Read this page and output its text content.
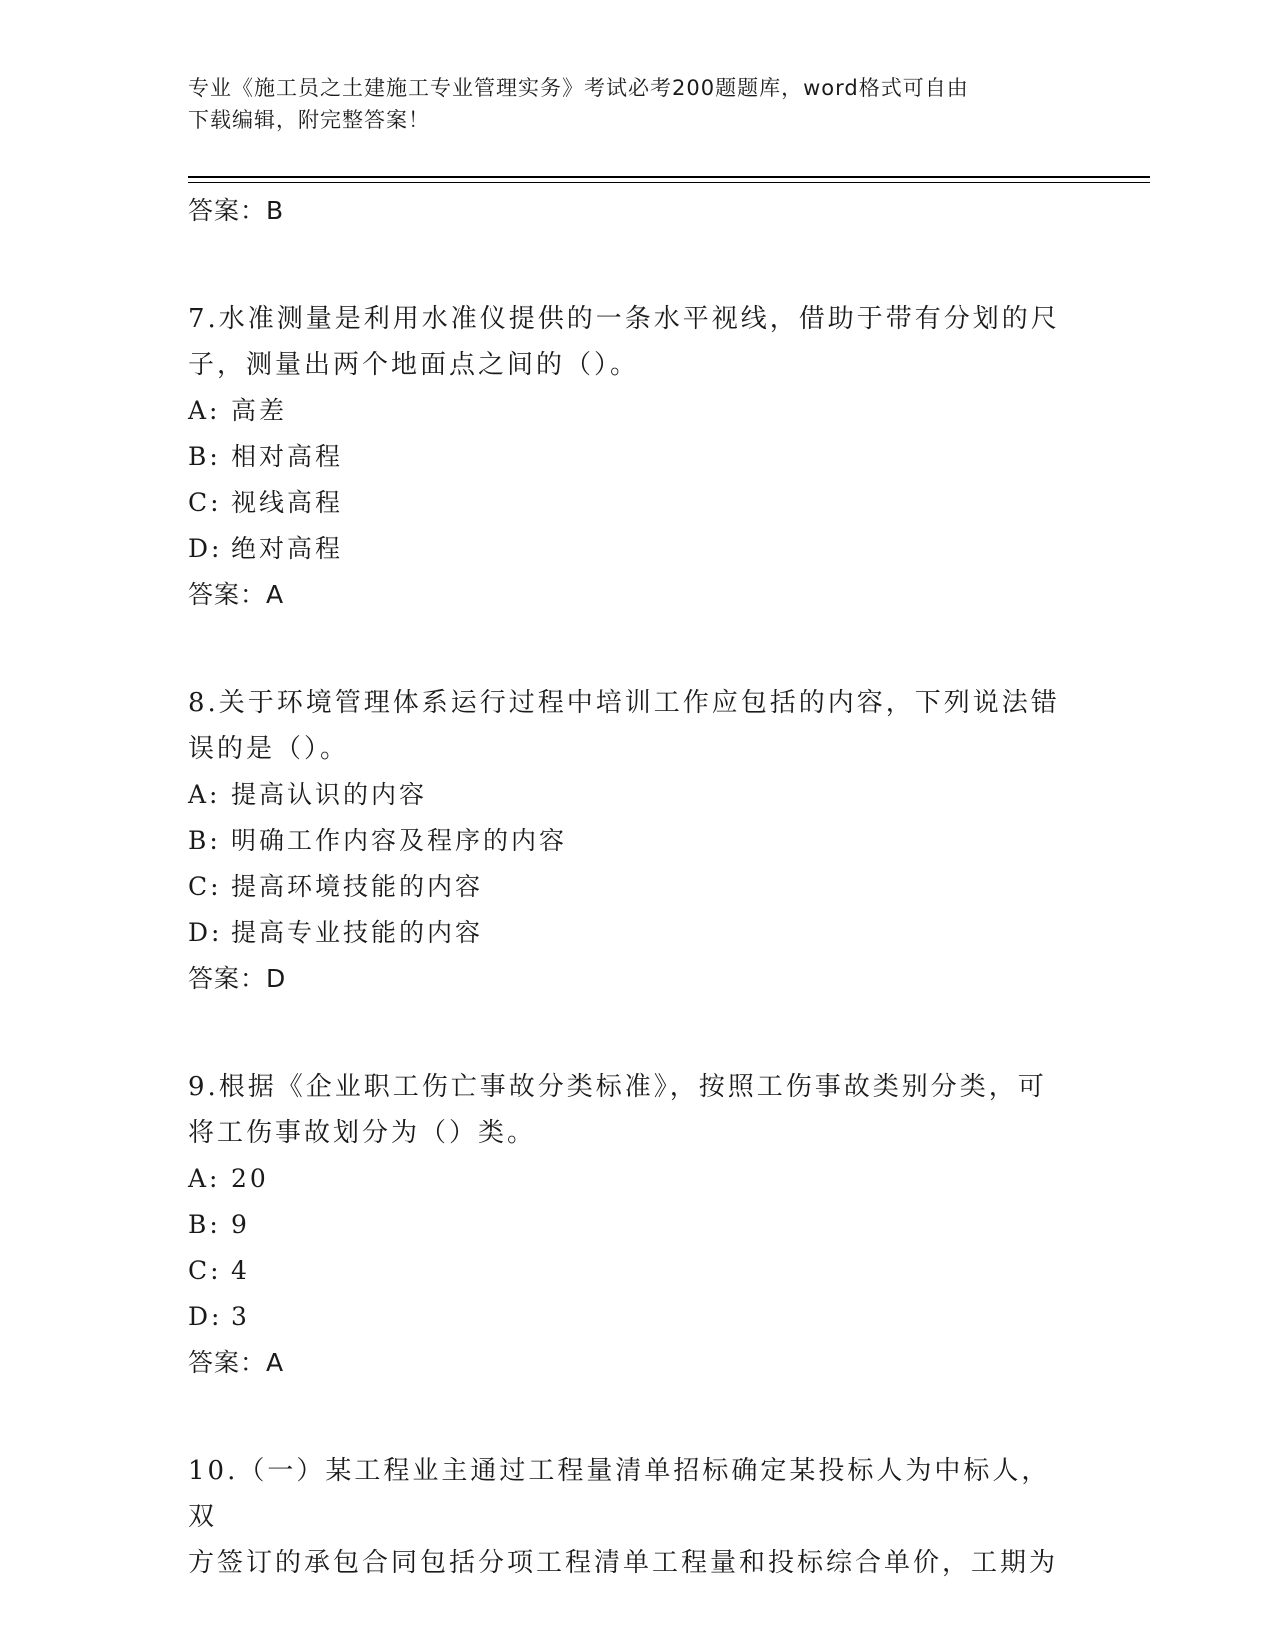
专业《施工员之土建施工专业管理实务》考试必考200题题库，word格式可自由
下载编辑，附完整答案！
答案：B
7.水准测量是利用水准仪提供的一条水平视线，借助于带有分划的尺
子，测量出两个地面点之间的（）。
A: 高差
B: 相对高程
C: 视线高程
D: 绝对高程
答案：A
8.关于环境管理体系运行过程中培训工作应包括的内容，下列说法错
误的是（）。
A: 提高认识的内容
B: 明确工作内容及程序的内容
C: 提高环境技能的内容
D: 提高专业技能的内容
答案：D
9.根据《企业职工伤亡事故分类标准》，按照工伤事故类别分类，可
将工伤事故划分为（）类。
A: 20
B: 9
C: 4
D: 3
答案：A
10.（一）某工程业主通过工程量清单招标确定某投标人为中标人，双
方签订的承包合同包括分项工程清单工程量和投标综合单价，工期为
